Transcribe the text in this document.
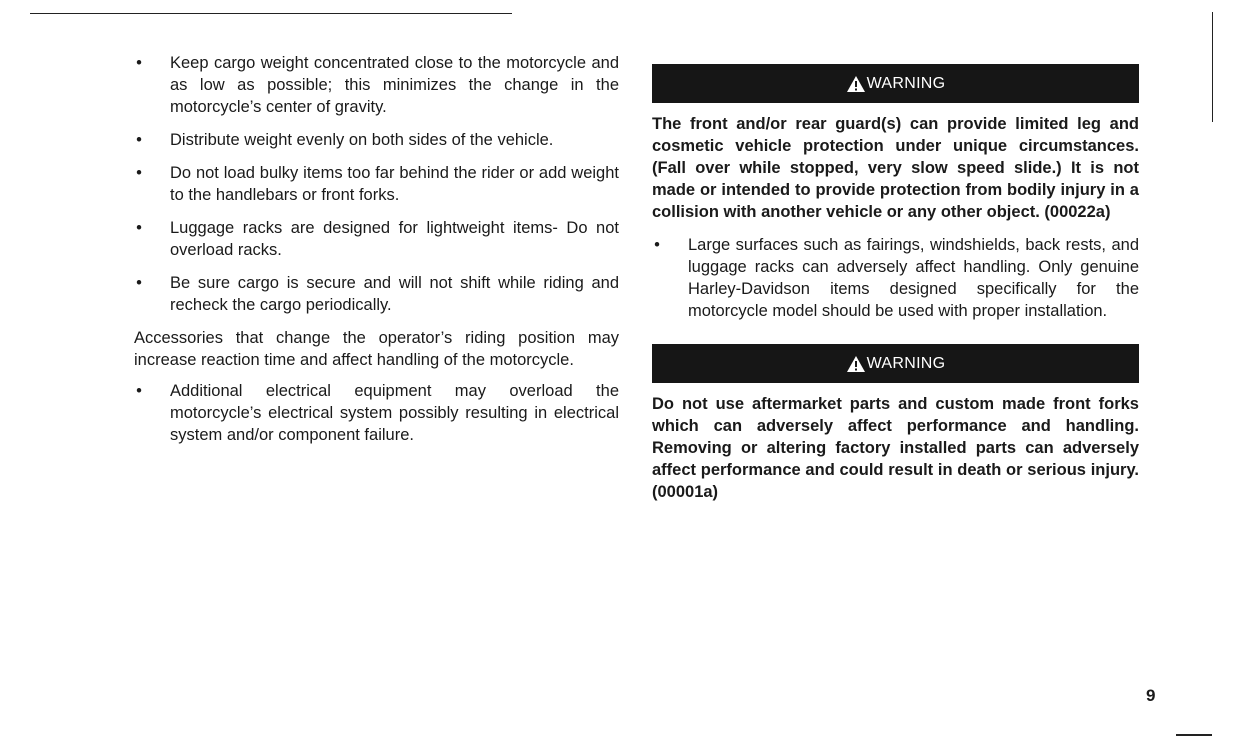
• Keep cargo weight concentrated close to the motorcycle and as low as possible; this minimizes the change in the motorcycle’s center of gravity.
• Distribute weight evenly on both sides of the vehicle.
• Do not load bulky items too far behind the rider or add weight to the handlebars or front forks.
• Luggage racks are designed for lightweight items- Do not overload racks.
• Be sure cargo is secure and will not shift while riding and recheck the cargo periodically.

Accessories that change the operator’s riding position may increase reaction time and affect handling of the motorcycle.

• Additional electrical equipment may overload the motorcycle’s electrical system possibly resulting in electrical system and/or component failure.
WARNING

The front and/or rear guard(s) can provide limited leg and cosmetic vehicle protection under unique circumstances. (Fall over while stopped, very slow speed slide.) It is not made or intended to provide protection from bodily injury in a collision with another vehicle or any other object. (00022a)

• Large surfaces such as fairings, windshields, back rests, and luggage racks can adversely affect handling. Only genuine Harley-Davidson items designed specifically for the motorcycle model should be used with proper installation.
WARNING

Do not use aftermarket parts and custom made front forks which can adversely affect performance and handling. Removing or altering factory installed parts can adversely affect performance and could result in death or serious injury. (00001a)

9
